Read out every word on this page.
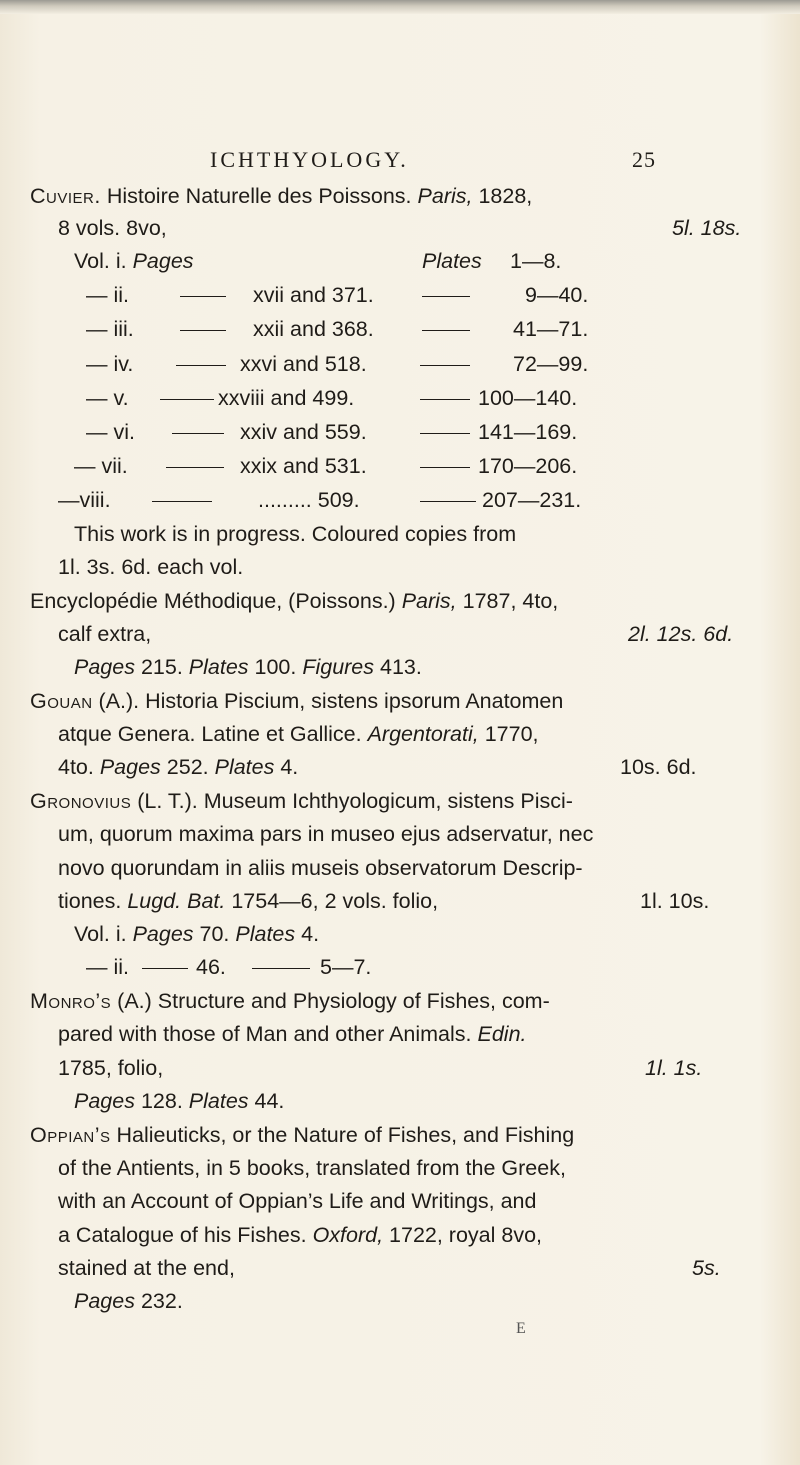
ICHTHYOLOGY.	25
Cuvier. Histoire Naturelle des Poissons. Paris, 1828,
8 vols. 8vo,	5l. 18s.
Vol. i. Pages	Plates 1—8.
— ii.	xvii and 371.	9—40.
— iii.	xxii and 368.	41—71.
— iv.	xxvi and 518.	72—99.
— v.	xxviii and 499.	100—140.
— vi.	xxiv and 559.	141—169.
— vii.	xxix and 531.	170—206.
—viii.	......... 509.	207—231.
This work is in progress. Coloured copies from
1l. 3s. 6d. each vol.
Encyclopédie Méthodique, (Poissons.) Paris, 1787, 4to,
calf extra,	2l. 12s. 6d.
Pages 215. Plates 100. Figures 413.
Gouan (A.). Historia Piscium, sistens ipsorum Anatomen
atque Genera. Latine et Gallice. Argentorati, 1770,
4to. Pages 252. Plates 4.	10s. 6d.
Gronovius (L. T.). Museum Ichthyologicum, sistens Pisci-
um, quorum maxima pars in museo ejus adservatur, nec
novo quorundam in aliis museis observatorum Descrip-
tiones. Lugd. Bat. 1754—6, 2 vols. folio,	1l. 10s.
Vol. i. Pages 70. Plates 4.
— ii.	46.	5—7.
Monro’s (A.) Structure and Physiology of Fishes, com-
pared with those of Man and other Animals. Edin.
1785, folio,	1l. 1s.
Pages 128. Plates 44.
Oppian’s Halieuticks, or the Nature of Fishes, and Fishing
of the Antients, in 5 books, translated from the Greek,
with an Account of Oppian’s Life and Writings, and
a Catalogue of his Fishes. Oxford, 1722, royal 8vo,
stained at the end,	5s.
Pages 232.
E
